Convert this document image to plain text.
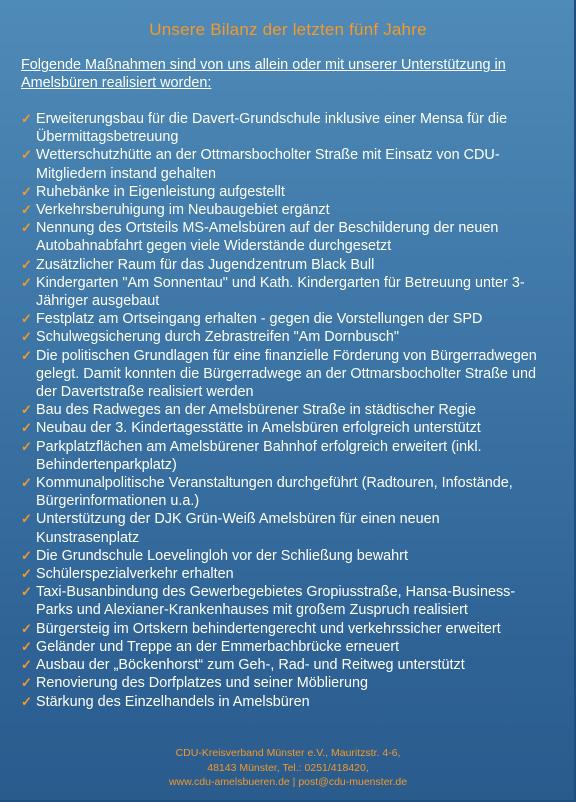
Unsere Bilanz der letzten fünf Jahre
Folgende Maßnahmen sind von uns allein oder mit unserer Unterstützung in Amelsbüren realisiert worden:
✓ Erweiterungsbau für die Davert-Grundschule inklusive einer Mensa für die Übermittagsbetreuung
✓ Wetterschutzhütte an der Ottmarsbocholter Straße mit Einsatz von CDU-Mitgliedern instand gehalten
✓ Ruhebänke in Eigenleistung aufgestellt
✓ Verkehrsberuhigung im Neubaugebiet ergänzt
✓ Nennung des Ortsteils MS-Amelsbüren auf der Beschilderung der neuen Autobahnabfahrt gegen viele Widerstände durchgesetzt
✓ Zusätzlicher Raum für das Jugendzentrum Black Bull
✓ Kindergarten "Am Sonnentau" und Kath. Kindergarten für Betreuung unter 3-Jähriger ausgebaut
✓ Festplatz am Ortseingang erhalten - gegen die Vorstellungen der SPD
✓ Schulwegsicherung durch Zebrastreifen "Am Dornbusch"
✓ Die politischen Grundlagen für eine finanzielle Förderung von Bürgerradwegen gelegt. Damit konnten die Bürgerradwege an der Ottmarsbocholter Straße und der Davertstraße realisiert werden
✓ Bau des Radweges an der Amelsbürener Straße in städtischer Regie
✓ Neubau der 3. Kindertagesstätte in Amelsbüren erfolgreich unterstützt
✓ Parkplatzflächen am Amelsbürener Bahnhof erfolgreich erweitert (inkl. Behindertenparkplatz)
✓ Kommunalpolitische Veranstaltungen durchgeführt (Radtouren, Infostände, Bürgerinformationen u.a.)
✓ Unterstützung der DJK Grün-Weiß Amelsbüren für einen neuen Kunstrasenplatz
✓ Die Grundschule Loevelingloh vor der Schließung bewahrt
✓ Schülerspezialverkehr erhalten
✓ Taxi-Busanbindung des Gewerbegebietes Gropiusstraße, Hansa-Business-Parks und Alexianer-Krankenhauses mit großem Zuspruch realisiert
✓ Bürgersteig im Ortskern behindertengerecht und verkehrssicher erweitert
✓ Geländer und Treppe an der Emmerbachbrücke erneuert
✓ Ausbau der „Böckenhorst“ zum Geh-, Rad- und Reitweg unterstützt
✓ Renovierung des Dorfplatzes und seiner Möblierung
✓ Stärkung des Einzelhandels in Amelsbüren
CDU-Kreisverband Münster e.V., Mauritzstr. 4-6,
48143 Münster, Tel.: 0251/418420,
www.cdu-amelsbueren.de | post@cdu-muenster.de
